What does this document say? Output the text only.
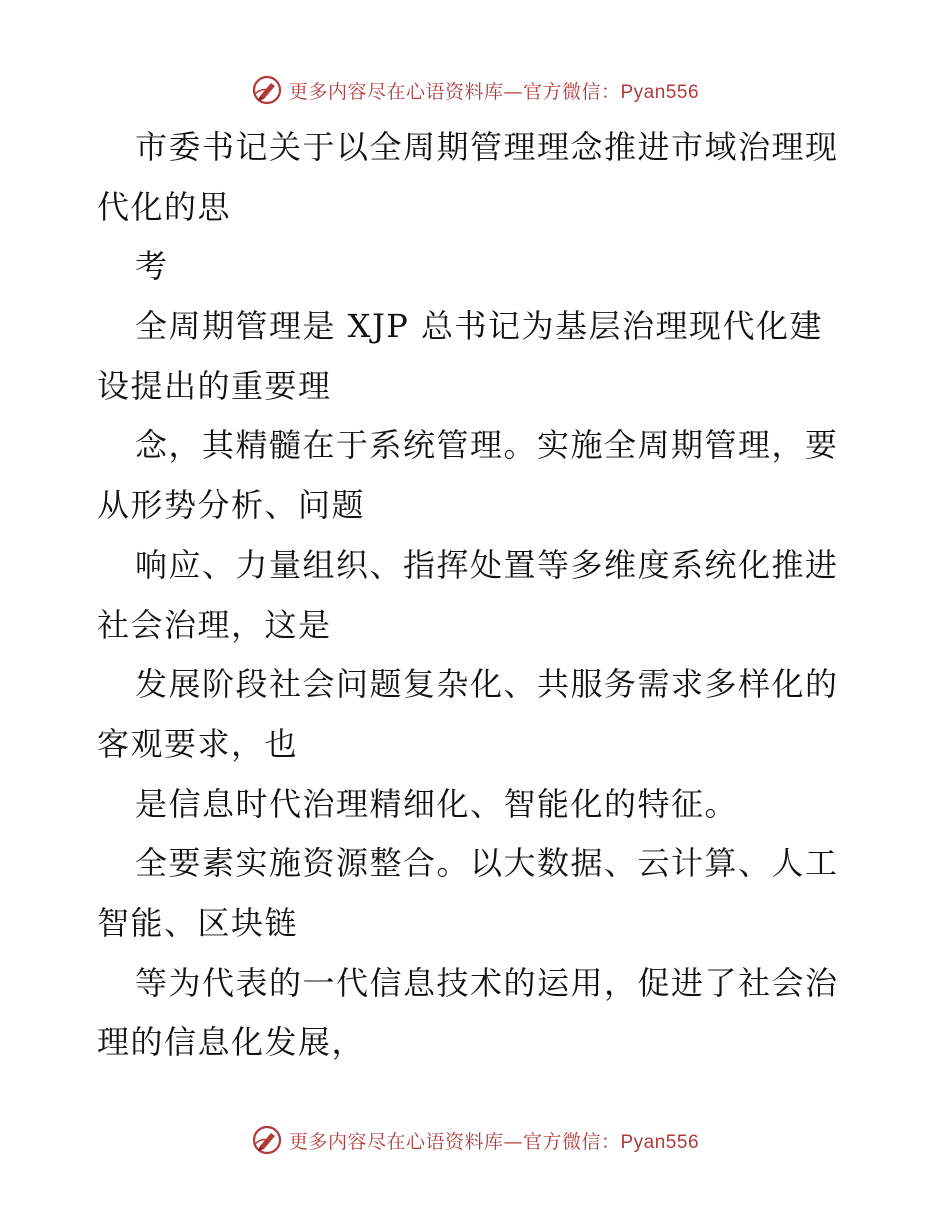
更多内容尽在心语资料库—官方微信：Pyan556
市委书记关于以全周期管理理念推进市域治理现
代化的思
考
全周期管理是 XJP 总书记为基层治理现代化建
设提出的重要理
念，其精髓在于系统管理。实施全周期管理，要
从形势分析、问题
响应、力量组织、指挥处置等多维度系统化推进
社会治理，这是
发展阶段社会问题复杂化、共服务需求多样化的
客观要求，也
是信息时代治理精细化、智能化的特征。
全要素实施资源整合。以大数据、云计算、人工
智能、区块链
等为代表的一代信息技术的运用，促进了社会治
理的信息化发展，
更多内容尽在心语资料库—官方微信：Pyan556
